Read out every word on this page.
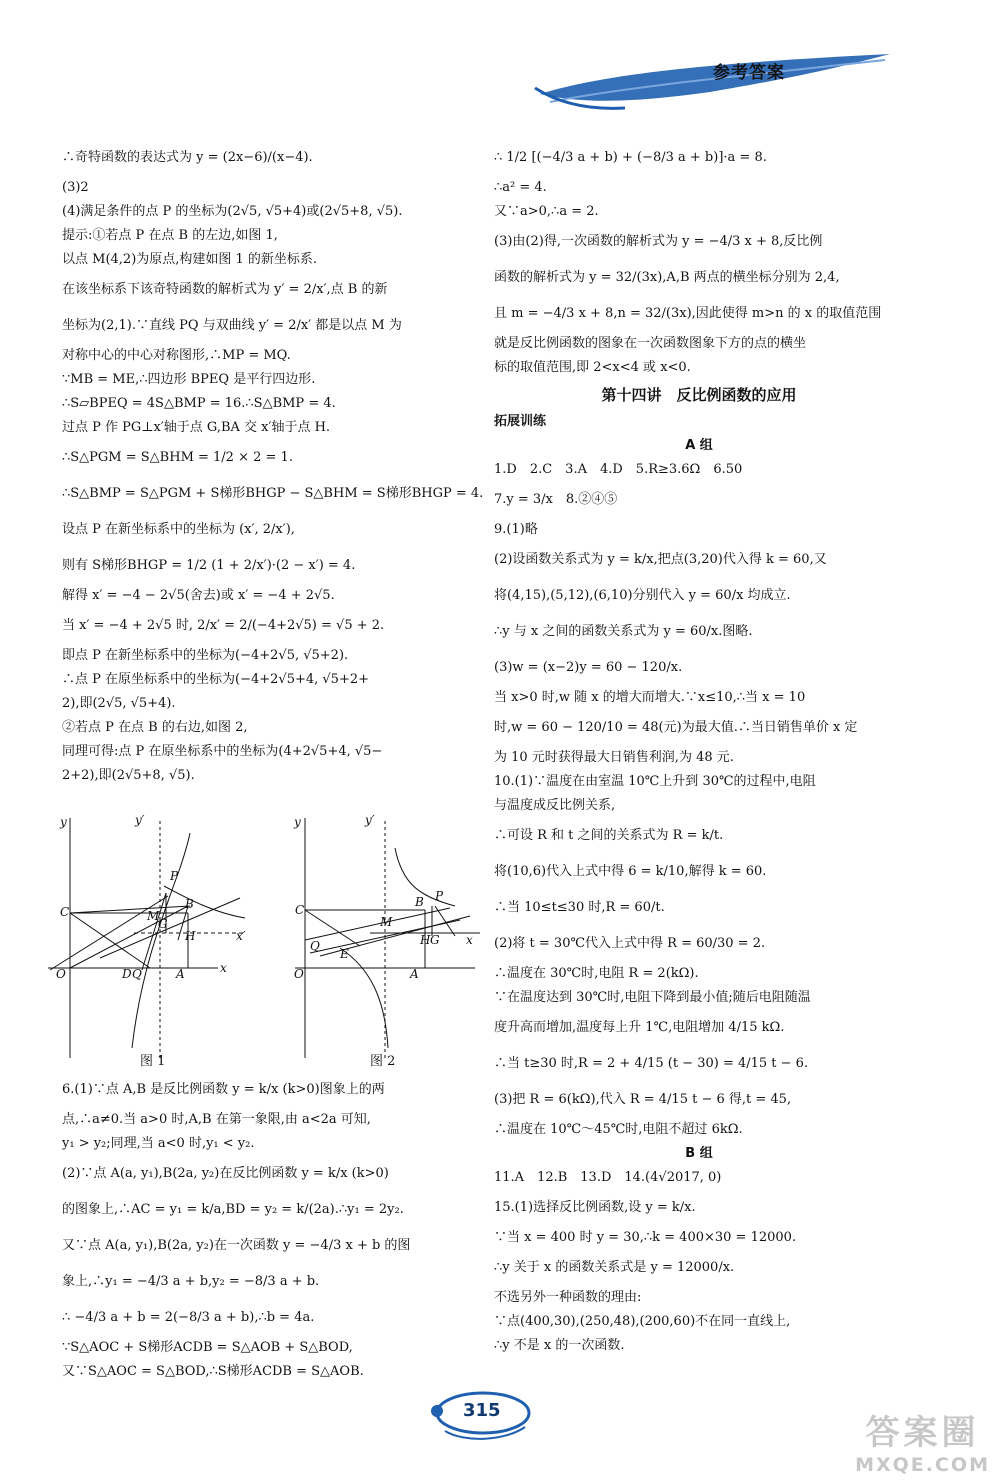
参考答案
∴奇特函数的表达式为 y = (2x−6)/(x−4).
(3)2
(4)满足条件的点 P 的坐标为(2√5, √5+4)或(2√5+8, √5).
提示:①若点 P 在点 B 的左边,如图 1,
以点 M(4,2)为原点,构建如图 1 的新坐标系.
在该坐标系下该奇特函数的解析式为 y′ = 2/x′,点 B 的新
坐标为(2,1).∵直线 PQ 与双曲线 y′ = 2/x′ 都是以点 M 为
对称中心的中心对称图形,∴MP = MQ.
∵MB = ME,∴四边形 BPEQ 是平行四边形.
∴S▱BPEQ = 4S△BMP = 16.∴S△BMP = 4.
过点 P 作 PG⊥x′轴于点 G,BA 交 x′轴于点 H.
∴S△PGM = S△BHM = 1/2 × 2 = 1.
∴S△BMP = S△PGM + S梯形BHGP − S△BHM = S梯形BHGP = 4.
设点 P 在新坐标系中的坐标为 (x′, 2/x′),
则有 S梯形BHGP = 1/2 (1 + 2/x′)·(2 − x′) = 4.
解得 x′ = −4 − 2√5(舍去)或 x′ = −4 + 2√5.
当 x′ = −4 + 2√5 时, 2/x′ = 2/(−4+2√5) = √5 + 2.
即点 P 在新坐标系中的坐标为(−4+2√5, √5+2).
∴点 P 在原坐标系中的坐标为(−4+2√5+4, √5+2+
2),即(2√5, √5+4).
②若点 P 在点 B 的右边,如图 2,
同理可得:点 P 在原坐标系中的坐标为(4+2√5+4, √5−
2+2),即(2√5+8, √5).
y	y′
x
x′
O
C
P
B
M
G
H
A
D Q
y	y′
x
O
C
P
B
M
Q
E
H G
A
图 1	图 2
6.(1)∵点 A,B 是反比例函数 y = k/x (k>0)图象上的两
点,∴a≠0.当 a>0 时,A,B 在第一象限,由 a<2a 可知,
y₁ > y₂;同理,当 a<0 时,y₁ < y₂.
(2)∵点 A(a, y₁),B(2a, y₂)在反比例函数 y = k/x (k>0)
的图象上,∴AC = y₁ = k/a,BD = y₂ = k/(2a).∴y₁ = 2y₂.
又∵点 A(a, y₁),B(2a, y₂)在一次函数 y = −4/3 x + b 的图
象上,∴y₁ = −4/3 a + b,y₂ = −8/3 a + b.
∴ −4/3 a + b = 2(−8/3 a + b),∴b = 4a.
∵S△AOC + S梯形ACDB = S△AOB + S△BOD,
又∵S△AOC = S△BOD,∴S梯形ACDB = S△AOB.
∴ 1/2 [(−4/3 a + b) + (−8/3 a + b)]·a = 8.
∴a² = 4.
又∵a>0,∴a = 2.
(3)由(2)得,一次函数的解析式为 y = −4/3 x + 8,反比例
函数的解析式为 y = 32/(3x),A,B 两点的横坐标分别为 2,4,
且 m = −4/3 x + 8,n = 32/(3x),因此使得 m>n 的 x 的取值范围
就是反比例函数的图象在一次函数图象下方的点的横坐
标的取值范围,即 2<x<4 或 x<0.
第十四讲　反比例函数的应用
拓展训练
A 组
1.D　2.C　3.A　4.D　5.R≥3.6Ω　6.50
7.y = 3/x　8.②④⑤
9.(1)略
(2)设函数关系式为 y = k/x,把点(3,20)代入得 k = 60,又
将(4,15),(5,12),(6,10)分别代入 y = 60/x 均成立.
∴y 与 x 之间的函数关系式为 y = 60/x.图略.
(3)w = (x−2)y = 60 − 120/x.
当 x>0 时,w 随 x 的增大而增大.∵x≤10,∴当 x = 10
时,w = 60 − 120/10 = 48(元)为最大值.∴当日销售单价 x 定
为 10 元时获得最大日销售利润,为 48 元.
10.(1)∵温度在由室温 10℃上升到 30℃的过程中,电阻
与温度成反比例关系,
∴可设 R 和 t 之间的关系式为 R = k/t.
将(10,6)代入上式中得 6 = k/10,解得 k = 60.
∴当 10≤t≤30 时,R = 60/t.
(2)将 t = 30℃代入上式中得 R = 60/30 = 2.
∴温度在 30℃时,电阻 R = 2(kΩ).
∵在温度达到 30℃时,电阻下降到最小值;随后电阻随温
度升高而增加,温度每上升 1℃,电阻增加 4/15 kΩ.
∴当 t≥30 时,R = 2 + 4/15 (t − 30) = 4/15 t − 6.
(3)把 R = 6(kΩ),代入 R = 4/15 t − 6 得,t = 45,
∴温度在 10℃～45℃时,电阻不超过 6kΩ.
B 组
11.A　12.B　13.D　14.(4√2017, 0)
15.(1)选择反比例函数,设 y = k/x.
∵当 x = 400 时 y = 30,∴k = 400×30 = 12000.
∴y 关于 x 的函数关系式是 y = 12000/x.
不选另外一种函数的理由:
∵点(400,30),(250,48),(200,60)不在同一直线上,
∴y 不是 x 的一次函数.
315
答案圈
MXQE.COM
